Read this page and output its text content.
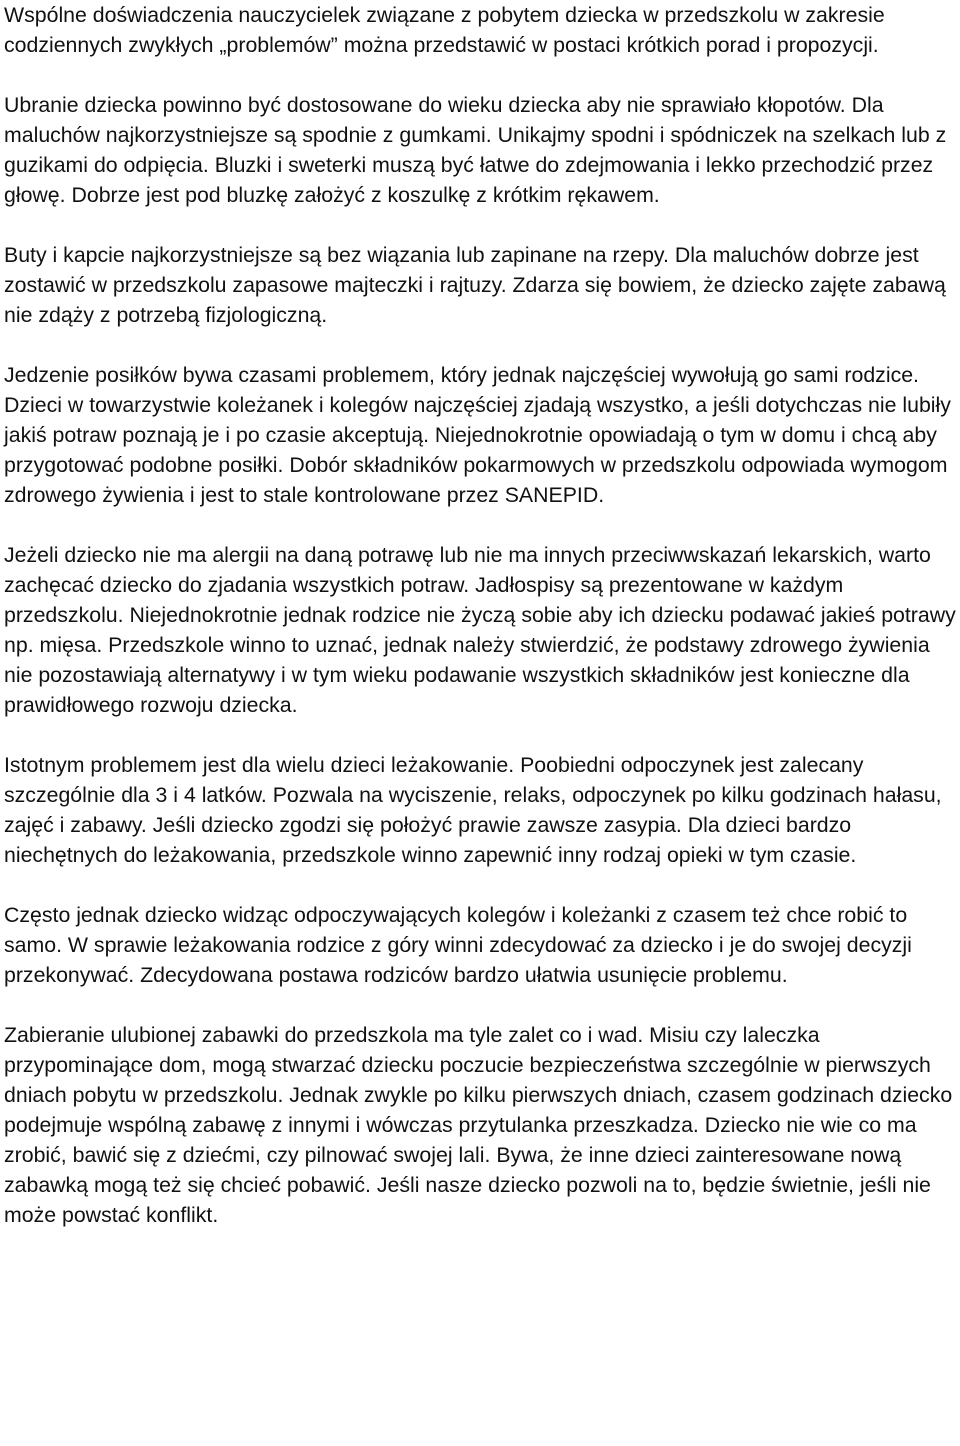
Wspólne doświadczenia nauczycielek związane z pobytem dziecka w przedszkolu w zakresie codziennych zwykłych „problemów” można przedstawić w postaci krótkich porad i propozycji.

Ubranie dziecka powinno być dostosowane do wieku dziecka aby nie sprawiało kłopotów. Dla maluchów najkorzystniejsze są spodnie z gumkami. Unikajmy spodni i spódniczek na szelkach lub z guzikami do odpięcia. Bluzki i sweterki muszą być łatwe do zdejmowania i lekko przechodzić przez głowę. Dobrze jest pod bluzkę założyć z koszulkę z krótkim rękawem.

Buty i kapcie najkorzystniejsze są bez wiązania lub zapinane na rzepy. Dla maluchów dobrze jest zostawić w przedszkolu zapasowe majteczki i rajtuzy. Zdarza się bowiem, że dziecko zajęte zabawą nie zdąży z potrzebą fizjologiczną.

Jedzenie posiłków bywa czasami problemem, który jednak najczęściej wywołują go sami rodzice. Dzieci w towarzystwie koleżanek i kolegów najczęściej zjadają wszystko, a jeśli dotychczas nie lubiły jakiś potraw poznają je i po czasie akceptują. Niejednokrotnie opowiadają o tym w domu i chcą aby przygotować podobne posiłki. Dobór składników pokarmowych w przedszkolu odpowiada wymogom zdrowego żywienia i jest to stale kontrolowane przez SANEPID.

Jeżeli dziecko nie ma alergii na daną potrawę lub nie ma innych przeciwwskazań lekarskich, warto zachęcać dziecko do zjadania wszystkich potraw. Jadłospisy są prezentowane w każdym przedszkolu. Niejednokrotnie jednak rodzice nie życzą sobie aby ich dziecku podawać jakieś potrawy np. mięsa. Przedszkole winno to uznać, jednak należy stwierdzić, że podstawy zdrowego żywienia nie pozostawiają alternatywy i w tym wieku podawanie wszystkich składników jest konieczne dla prawidłowego rozwoju dziecka.

Istotnym problemem jest dla wielu dzieci leżakowanie. Poobiedni odpoczynek jest zalecany szczególnie dla 3 i 4 latków. Pozwala na wyciszenie, relaks, odpoczynek po kilku godzinach hałasu, zajęć i zabawy. Jeśli dziecko zgodzi się położyć prawie zawsze zasypia. Dla dzieci bardzo niechętnych do leżakowania, przedszkole winno zapewnić inny rodzaj opieki w tym czasie.

Często jednak dziecko widząc odpoczywających kolegów i koleżanki z czasem też chce robić to samo. W sprawie leżakowania rodzice z góry winni zdecydować za dziecko i je do swojej decyzji przekonywać. Zdecydowana postawa rodziców bardzo ułatwia usunięcie problemu.

Zabieranie ulubionej zabawki do przedszkola ma tyle zalet co i wad. Misiu czy laleczka przypominające dom, mogą stwarzać dziecku poczucie bezpieczeństwa szczególnie w pierwszych dniach pobytu w przedszkolu. Jednak zwykle po kilku pierwszych dniach, czasem godzinach dziecko podejmuje wspólną zabawę z innymi i wówczas przytulanka przeszkadza. Dziecko nie wie co ma zrobić, bawić się z dziećmi, czy pilnować swojej lali. Bywa, że inne dzieci zainteresowane nową zabawką mogą też się chcieć pobawić. Jeśli nasze dziecko pozwoli na to, będzie świetnie, jeśli nie może powstać konflikt.
